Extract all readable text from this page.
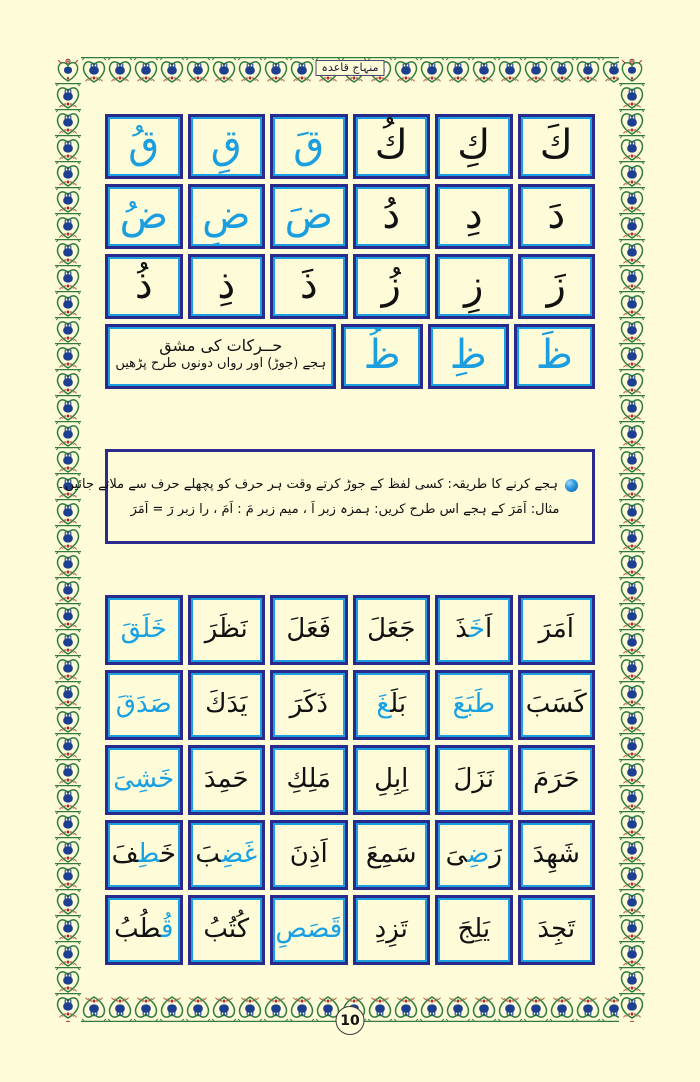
منہاج قاعدہ
كَ
كِ
كُ
قَ
قِ
قُ
دَ
دِ
دُ
ضَ
ضِ
ضُ
زَ
زِ
زُ
ذَ
ذِ
ذُ
ظَ
ظِ
ظُ
حــرکات کی مشق
ہجے (جوڑ) اور رواں دونوں طرح پڑھیں
ہجے کرنے کا طریقہ: کسی لفظ کے جوڑ کرتے وقت ہر حرف کو پچھلے حرف سے ملاتے جائیں۔
مثال: اَمَرَ کے ہجے اس طرح کریں: ہمزہ زبر اَ ، میم زبر مَ : اَمَ ، را زبر رَ = اَمَرَ
اَمَرَ
اَخَذَ
جَعَلَ
فَعَلَ
نَظَرَ
خَلَقَ
كَسَبَ
طَبَعَ
بَلَغَ
ذَكَرَ
يَدَكَ
صَدَقَ
حَرَمَ
نَزَلَ
اِبِلِ
مَلِكِ
حَمِدَ
خَشِیَ
شَهِدَ
رَضِیَ
سَمِعَ
اَذِنَ
غَضِبَ
خَطِفَ
تَجِدَ
یَلِجَ
تَزِدِ
قَصَصِ
كُتُبُ
قُطُبُ
10
